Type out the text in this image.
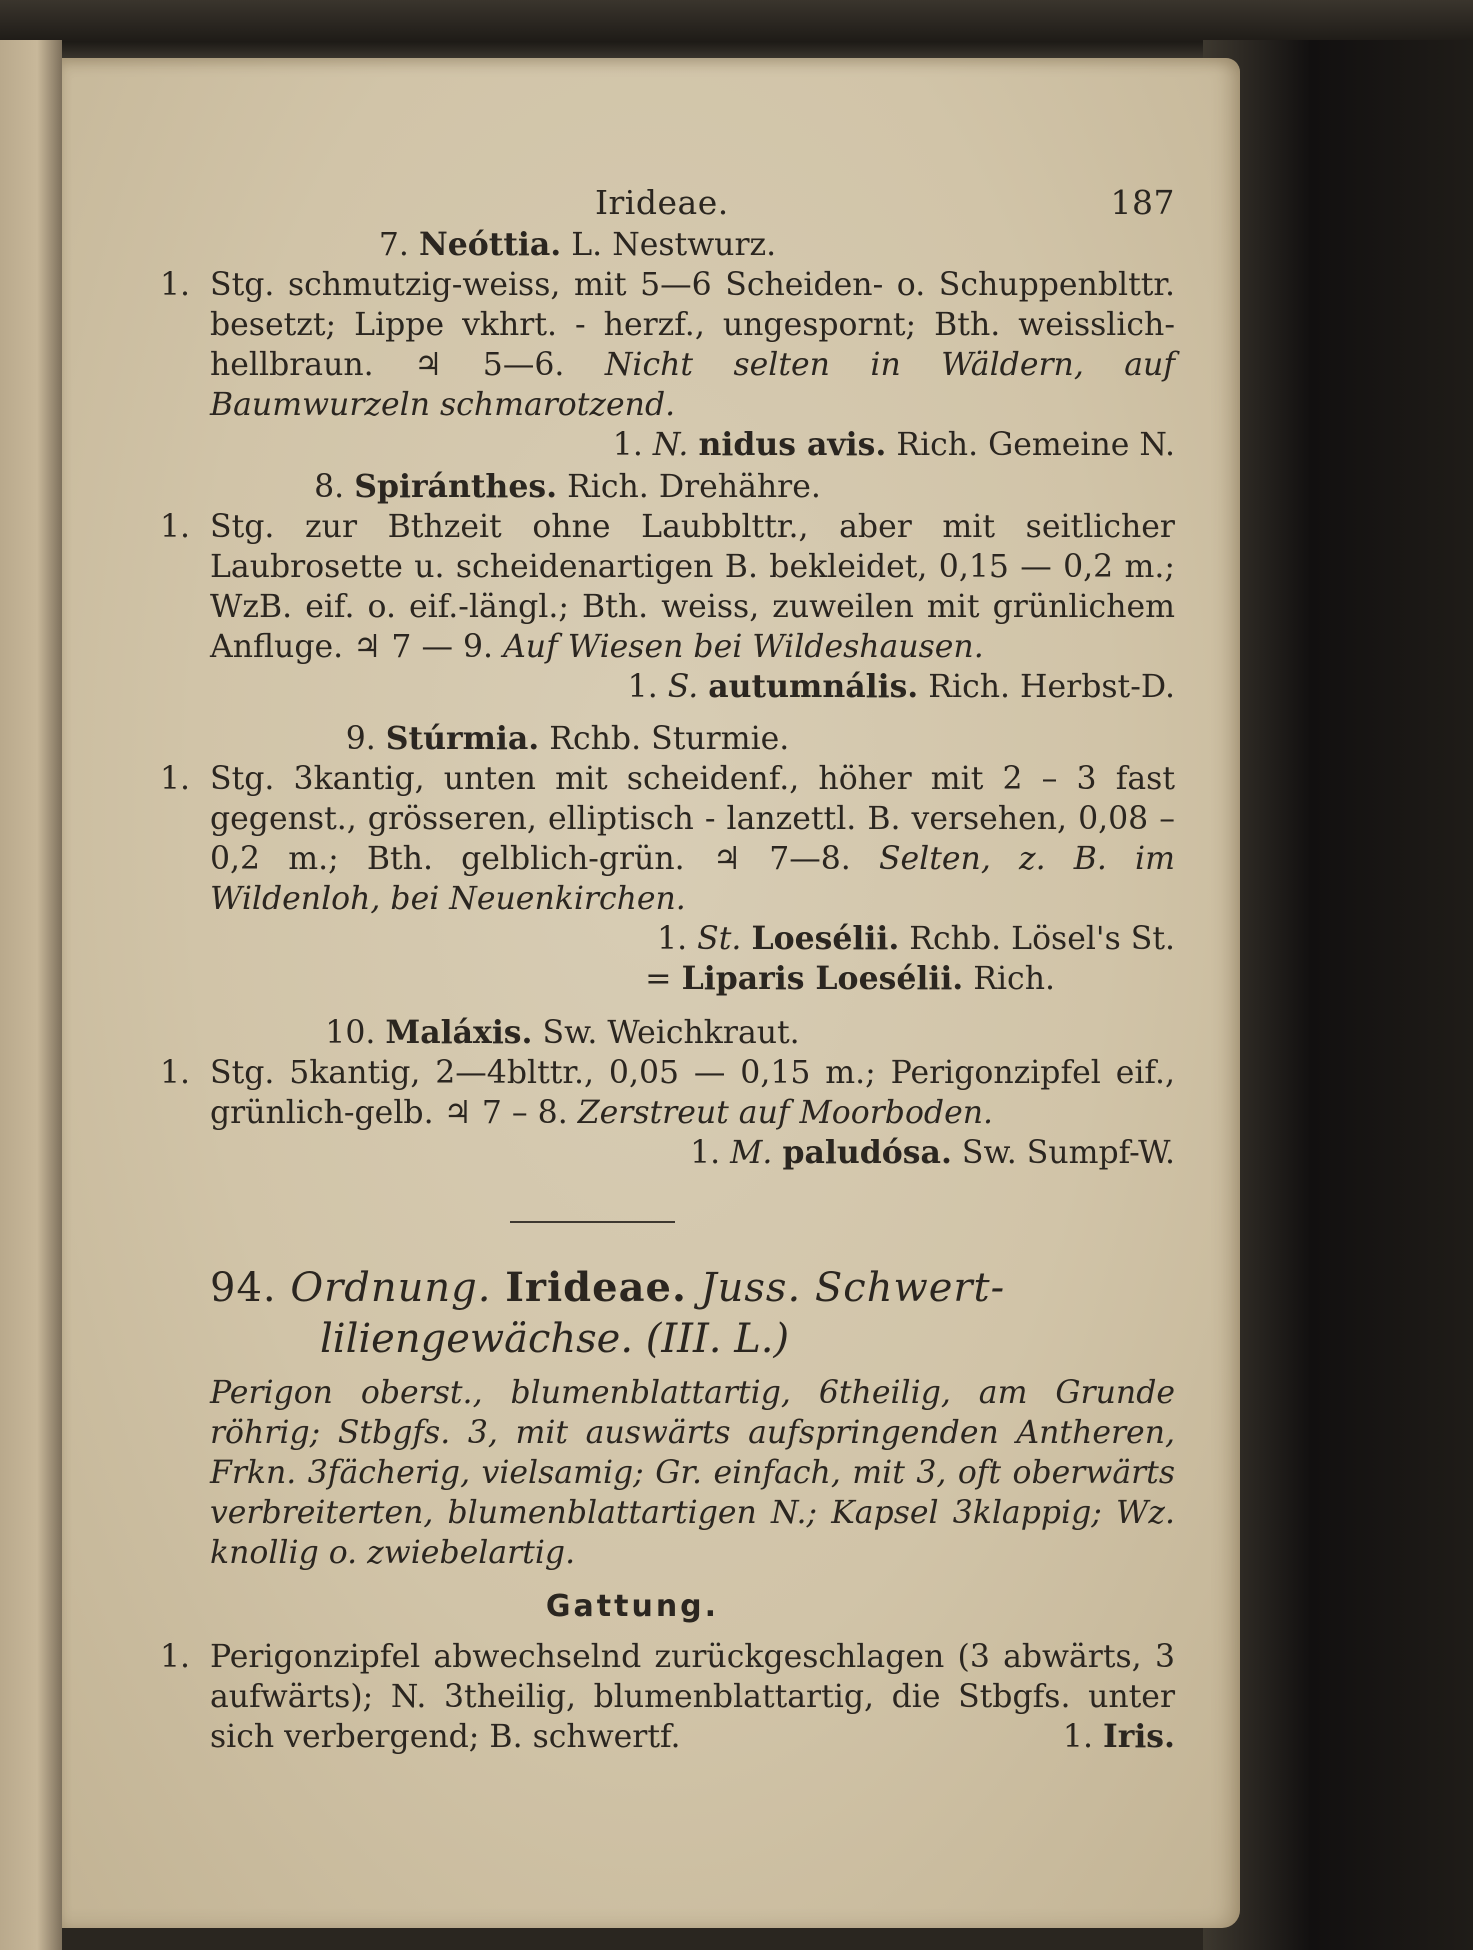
Irideae.	187
7. Neóttia. L. Nestwurz.
1. Stg. schmutzig-weiss, mit 5—6 Scheiden- o. Schuppenblttr. besetzt; Lippe vkhrt. - herzf., ungespornt; Bth. weisslich-hellbraun. ♃ 5—6. Nicht selten in Wäldern, auf Baumwurzeln schmarotzend.
1. N. nidus avis. Rich. Gemeine N.
8. Spiránthes. Rich. Drehähre.
1. Stg. zur Bthzeit ohne Laubblttr., aber mit seitlicher Laubrosette u. scheidenartigen B. bekleidet, 0,15 — 0,2 m.; WzB. eif. o. eif.-längl.; Bth. weiss, zuweilen mit grünlichem Anfluge. ♃ 7 — 9. Auf Wiesen bei Wildeshausen.
1. S. autumnális. Rich. Herbst-D.
9. Stúrmia. Rchb. Sturmie.
1. Stg. 3kantig, unten mit scheidenf., höher mit 2 – 3 fast gegenst., grösseren, elliptisch - lanzettl. B. versehen, 0,08 – 0,2 m.; Bth. gelblich-grün. ♃ 7—8. Selten, z. B. im Wildenloh, bei Neuenkirchen.
1. St. Loesélii. Rchb. Lösel's St.
= Liparis Loesélii. Rich.
10. Maláxis. Sw. Weichkraut.
1. Stg. 5kantig, 2—4blttr., 0,05 — 0,15 m.; Perigonzipfel eif., grünlich-gelb. ♃ 7 – 8. Zerstreut auf Moorboden.
1. M. paludósa. Sw. Sumpf-W.
94. Ordnung. Irideae. Juss. Schwert-
liliengewächse. (III. L.)
Perigon oberst., blumenblattartig, 6theilig, am Grunde röhrig; Stbgfs. 3, mit auswärts aufspringenden Antheren, Frkn. 3fächerig, vielsamig; Gr. einfach, mit 3, oft oberwärts verbreiterten, blumenblattartigen N.; Kapsel 3klappig; Wz. knollig o. zwiebelartig.
Gattung.
1. Perigonzipfel abwechselnd zurückgeschlagen (3 abwärts, 3 aufwärts); N. 3theilig, blumenblattartig, die Stbgfs. unter sich verbergend; B. schwertf.	1. Iris.
